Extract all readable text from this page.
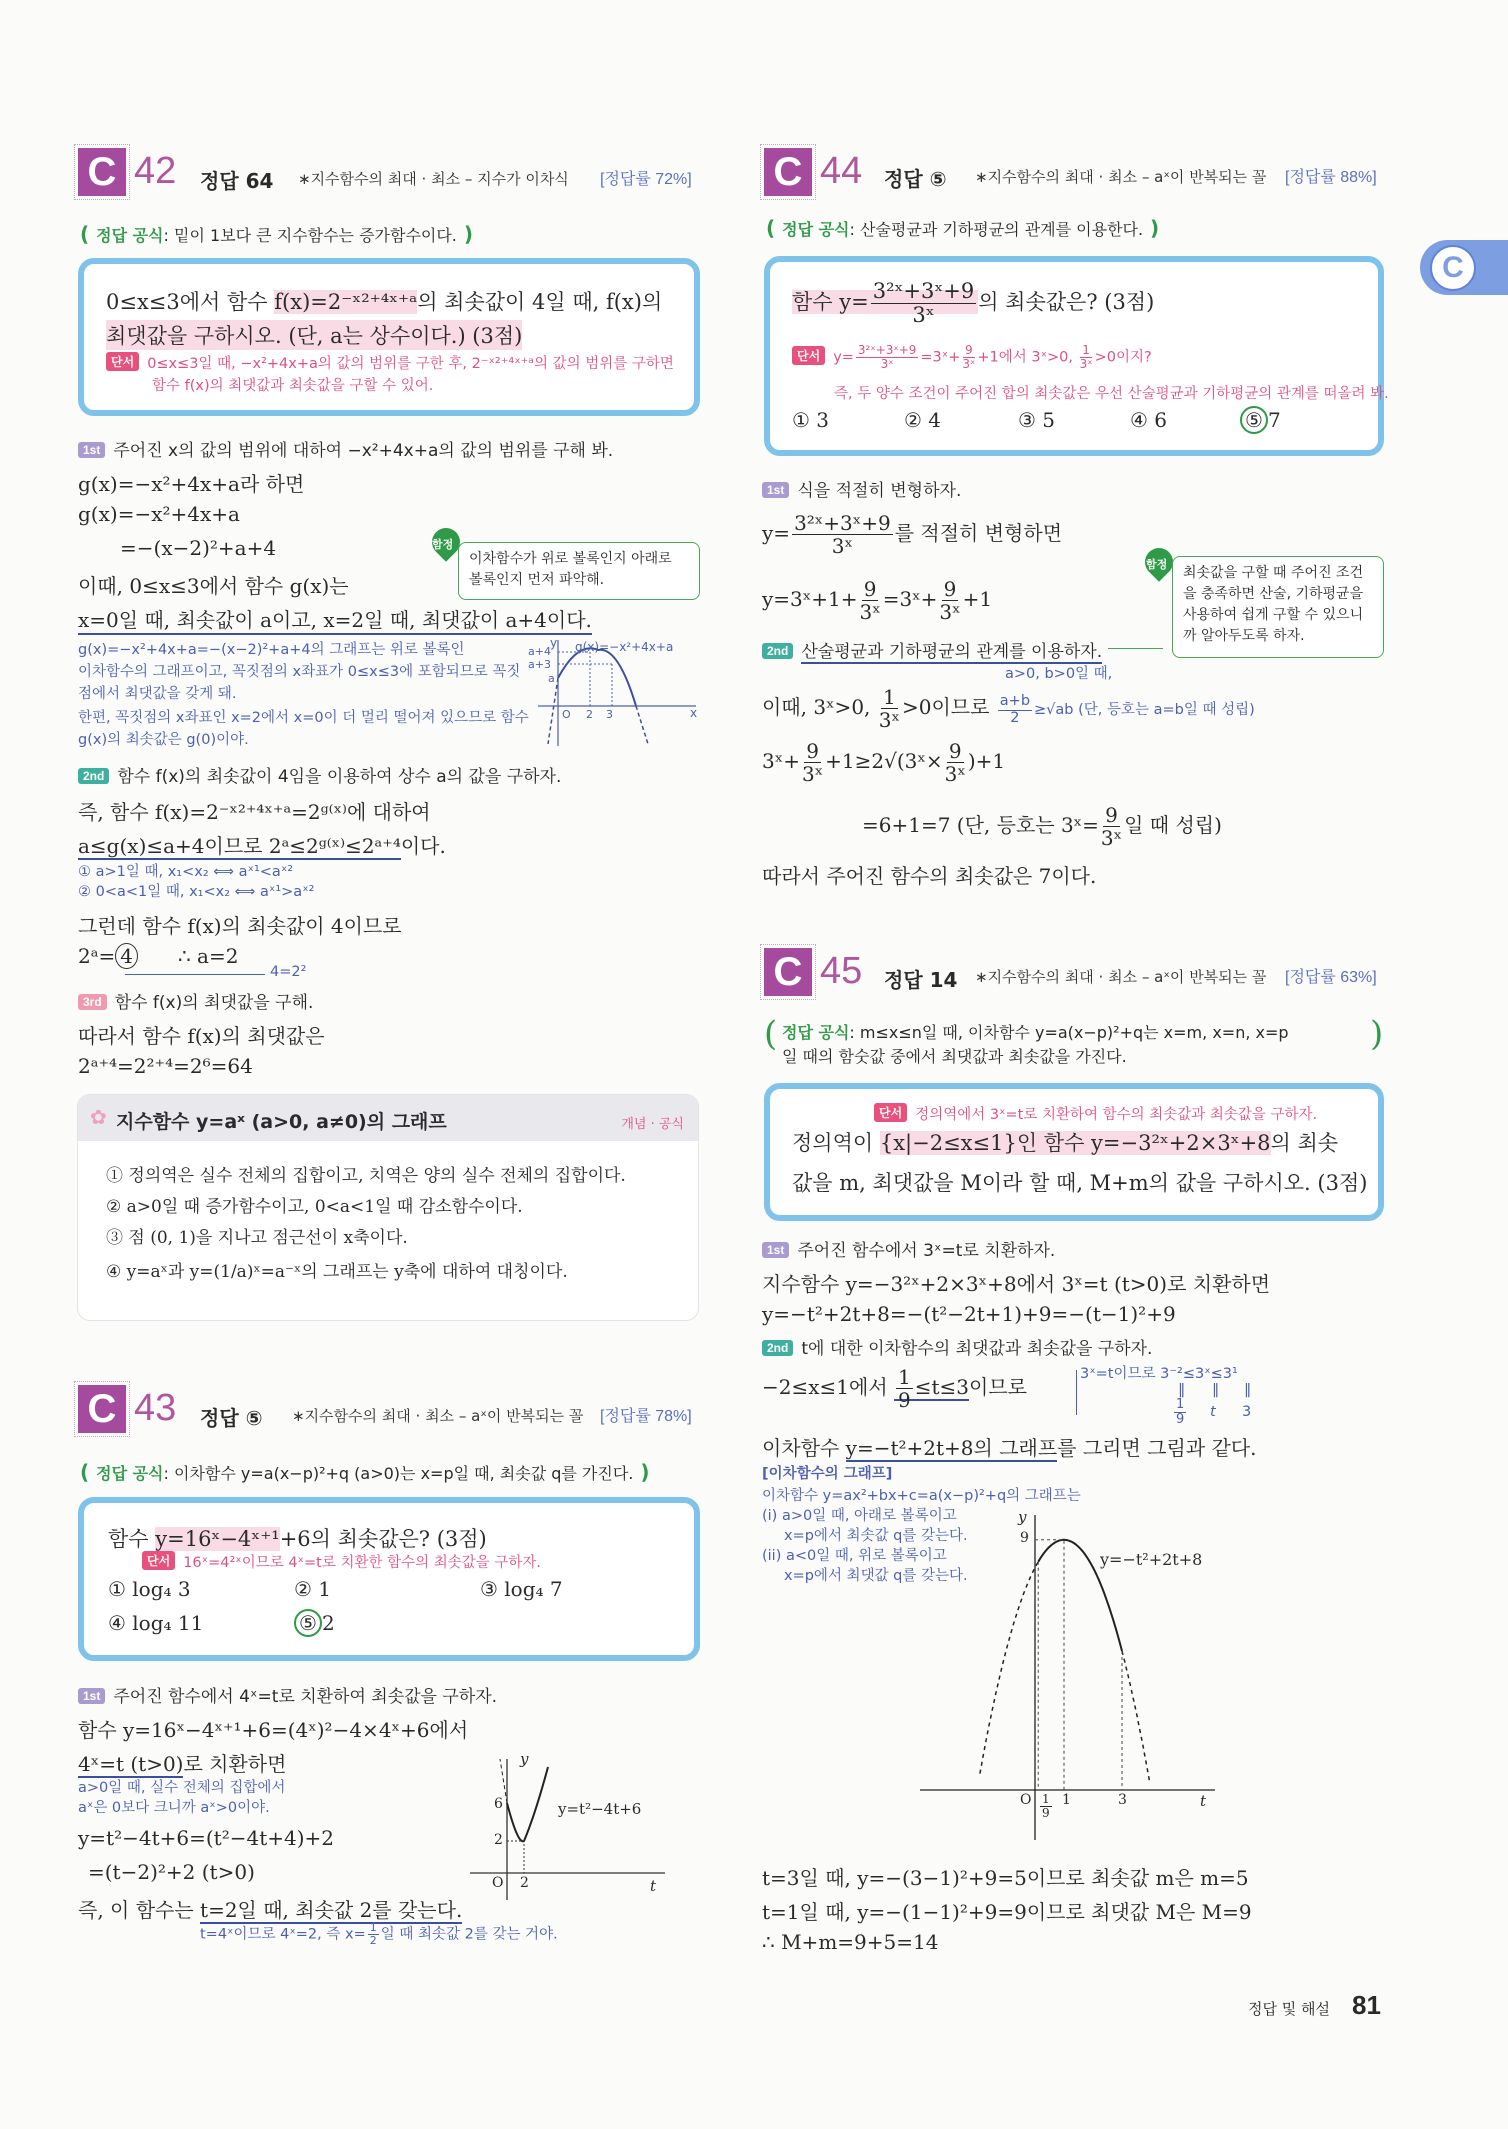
C
C 42 정답 64 ∗지수함수의 최대 · 최소 – 지수가 이차식 [정답률 72%]
( 정답 공식: 밑이 1보다 큰 지수함수는 증가함수이다. )
0≤x≤3에서 함수 f(x)=2⁻ˣ²⁺⁴ˣ⁺ᵃ의 최솟값이 4일 때, f(x)의
최댓값을 구하시오. (단, a는 상수이다.) (3점)
단서 0≤x≤3일 때, −x²+4x+a의 값의 범위를 구한 후, 2⁻ˣ²⁺⁴ˣ⁺ᵃ의 값의 범위를 구하면
함수 f(x)의 최댓값과 최솟값을 구할 수 있어.
1st 주어진 x의 값의 범위에 대하여 −x²+4x+a의 값의 범위를 구해 봐.
g(x)=−x²+4x+a라 하면
g(x)=−x²+4x+a
=−(x−2)²+a+4
이때, 0≤x≤3에서 함수 g(x)는
x=0일 때, 최솟값이 a이고, x=2일 때, 최댓값이 a+4이다.
함정
이차함수가 위로 볼록인지 아래로
볼록인지 먼저 파악해.
g(x)=−x²+4x+a=−(x−2)²+a+4의 그래프는 위로 볼록인
이차함수의 그래프이고, 꼭짓점의 x좌표가 0≤x≤3에 포함되므로 꼭짓
점에서 최댓값을 갖게 돼.
한편, 꼭짓점의 x좌표인 x=2에서 x=0이 더 멀리 떨어져 있으므로 함수
g(x)의 최솟값은 g(0)이야.
y g(x)=−x²+4x+a
a+4
a+3
a
O 2 3	x
2nd 함수 f(x)의 최솟값이 4임을 이용하여 상수 a의 값을 구하자.
즉, 함수 f(x)=2⁻ˣ²⁺⁴ˣ⁺ᵃ=2ᵍ⁽ˣ⁾에 대하여
a≤g(x)≤a+4이므로 2ᵃ≤2ᵍ⁽ˣ⁾≤2ᵃ⁺⁴이다.
① a>1일 때, x₁<x₂ ⟺ aˣ¹<aˣ²
② 0<a<1일 때, x₁<x₂ ⟺ aˣ¹>aˣ²
그런데 함수 f(x)의 최솟값이 4이므로
2ᵃ= 4 ∴ a=2
4=2²
3rd 함수 f(x)의 최댓값을 구해.
따라서 함수 f(x)의 최댓값은
2ᵃ⁺⁴=2²⁺⁴=2⁶=64
✿ 지수함수 y=aˣ (a>0, a≠0)의 그래프	개념 · 공식
① 정의역은 실수 전체의 집합이고, 치역은 양의 실수 전체의 집합이다.
② a>0일 때 증가함수이고, 0<a<1일 때 감소함수이다.
③ 점 (0, 1)을 지나고 점근선이 x축이다.
④ y=aˣ과 y=(1/a)ˣ=a⁻ˣ의 그래프는 y축에 대하여 대칭이다.
C 43 정답 ⑤ ∗지수함수의 최대 · 최소 – aˣ이 반복되는 꼴 [정답률 78%]
( 정답 공식: 이차함수 y=a(x−p)²+q (a>0)는 x=p일 때, 최솟값 q를 가진다. )
함수 y=16ˣ−4ˣ⁺¹+6의 최솟값은? (3점)
단서 16ˣ=4²ˣ이므로 4ˣ=t로 치환한 함수의 최솟값을 구하자.
① log₄ 3	② 1	③ log₄ 7
④ log₄ 11	⑤ 2
1st 주어진 함수에서 4ˣ=t로 치환하여 최솟값을 구하자.
함수 y=16ˣ−4ˣ⁺¹+6=(4ˣ)²−4×4ˣ+6에서
4ˣ=t (t>0)로 치환하면
a>0일 때, 실수 전체의 집합에서
aˣ은 0보다 크니까 aˣ>0이야.
y=t²−4t+6=(t²−4t+4)+2
=(t−2)²+2 (t>0)
즉, 이 함수는 t=2일 때, 최솟값 2를 갖는다.
t=4ˣ이므로 4ˣ=2, 즉 $x= \frac{1}{2}$ 일 때 최솟값 2를 갖는 거야.
y
y=t²−4t+6
6
2
O 2	t
C 44 정답 ⑤ ∗지수함수의 최대 · 최소 – aˣ이 반복되는 꼴 [정답률 88%]
( 정답 공식: 산술평균과 기하평균의 관계를 이용한다. )
함수 $y= \frac{\text{3²ˣ+3ˣ+9}}{\text{3ˣ}}$ 의 최솟값은? (3점)
단서 $y= \frac{\text{3²ˣ+3ˣ+9}}{\text{3ˣ}}$ =3ˣ+ $\frac{9}{\text{3ˣ}} +1$에서 3ˣ>0, $\frac{1}{\text{3ˣ}} >0$이지?
즉, 두 양수 조건이 주어진 합의 최솟값은 우선 산술평균과 기하평균의 관계를 떠올려 봐.
① 3	② 4	③ 5	④ 6	⑤ 7
1st 식을 적절히 변형하자.
$y= \frac{\text{3²ˣ+3ˣ+9}}{\text{3ˣ}}$ 를 적절히 변형하면
y=3ˣ+1+ $\frac{9}{\text{3ˣ}}$ =3ˣ+ $\frac{9}{\text{3ˣ}} +1$
2nd 산술평균과 기하평균의 관계를 이용하자.
함정
최솟값을 구할 때 주어진 조건
을 충족하면 산술, 기하평균을
사용하여 쉽게 구할 수 있으니
까 알아두도록 하자.
a>0, b>0일 때,
이때, 3ˣ>0, $\frac{1}{\text{3ˣ}} >0$이므로 $\frac{a+b}{2} \ge√ab$ (단, 등호는 a=b일 때 성립)
3ˣ+ $\frac{9}{\text{3ˣ}}$ +1≥2√(3ˣ× $\frac{9}{\text{3ˣ}} )+1$
=6+1=7 (단, 등호는 3ˣ= $\frac{9}{\text{3ˣ}}$ 일 때 성립)
따라서 주어진 함수의 최솟값은 7이다.
C 45 정답 14 ∗지수함수의 최대 · 최소 – aˣ이 반복되는 꼴 [정답률 63%]
( 정답 공식: m≤x≤n일 때, 이차함수 y=a(x−p)²+q는 x=m, x=n, x=p
일 때의 함숫값 중에서 최댓값과 최솟값을 가진다.
)
단서 정의역에서 3ˣ=t로 치환하여 함수의 최솟값과 최솟값을 구하자.
정의역이 {x|−2≤x≤1}인 함수 y=−3²ˣ+2×3ˣ+8의 최솟
값을 m, 최댓값을 M이라 할 때, M+m의 값을 구하시오. (3점)
1st 주어진 함수에서 3ˣ=t로 치환하자.
지수함수 y=−3²ˣ+2×3ˣ+8에서 3ˣ=t (t>0)로 치환하면
y=−t²+2t+8=−(t²−2t+1)+9=−(t−1)²+9
2nd t에 대한 이차함수의 최댓값과 최솟값을 구하자.
−2≤x≤1에서 $\frac{1}{9} \le t\le 3$이므로
3ˣ=t이므로 3⁻²≤3ˣ≤3¹
‖ ‖ ‖
$\frac{1}{9}$ t 3
이차함수 y=−t²+2t+8의 그래프를 그리면 그림과 같다.
[이차함수의 그래프]
이차함수 y=ax²+bx+c=a(x−p)²+q의 그래프는
(i) a>0일 때, 아래로 볼록이고
x=p에서 최솟값 q를 갖는다.
(ii) a<0일 때, 위로 볼록이고
x=p에서 최댓값 q를 갖는다.
y
9
y=−t²+2t+8
O $\frac{1}{9} 1$	3	t
t=3일 때, y=−(3−1)²+9=5이므로 최솟값 m은 m=5
t=1일 때, y=−(1−1)²+9=9이므로 최댓값 M은 M=9
∴ M+m=9+5=14
정답 및 해설 81
